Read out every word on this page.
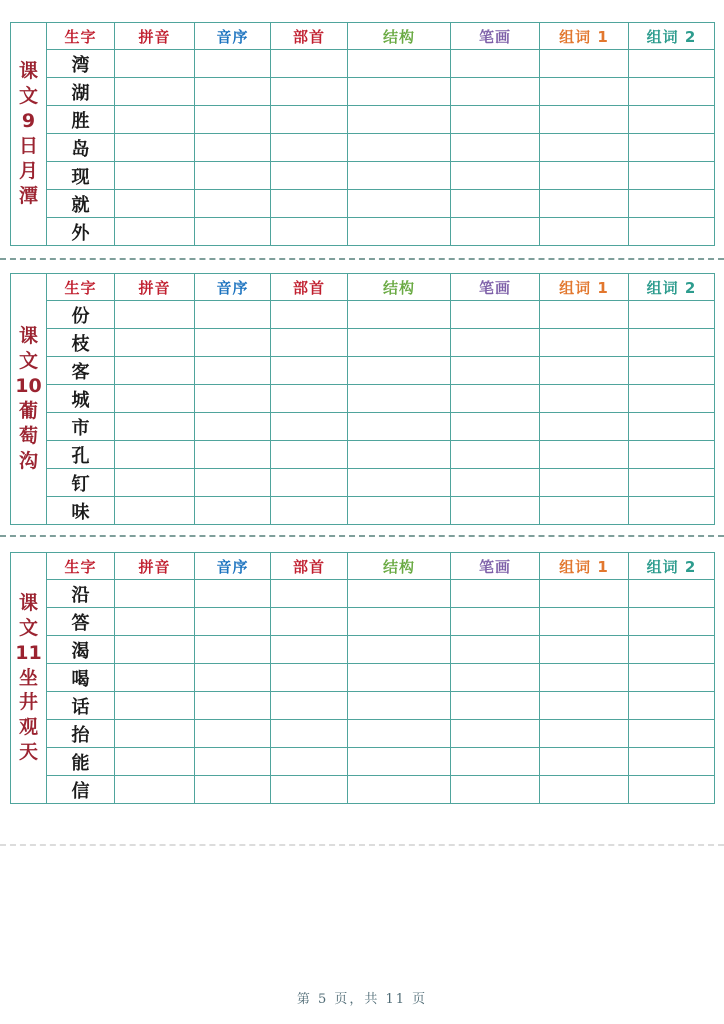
课
文
9
日
月
潭
	生字	拼音	音序	部首	结构	笔画	组词 1	组词 2
	湾							
	湖							
	胜							
	岛							
	现							
	就							
	外							
课
文
10
葡
萄
沟
	生字	拼音	音序	部首	结构	笔画	组词 1	组词 2
	份							
	枝							
	客							
	城							
	市							
	孔							
	钉							
	味							
课
文
11
坐
井
观
天
	生字	拼音	音序	部首	结构	笔画	组词 1	组词 2
	沿							
	答							
	渴							
	喝							
	话							
	抬							
	能							
	信							
第 5 页，共 11 页
